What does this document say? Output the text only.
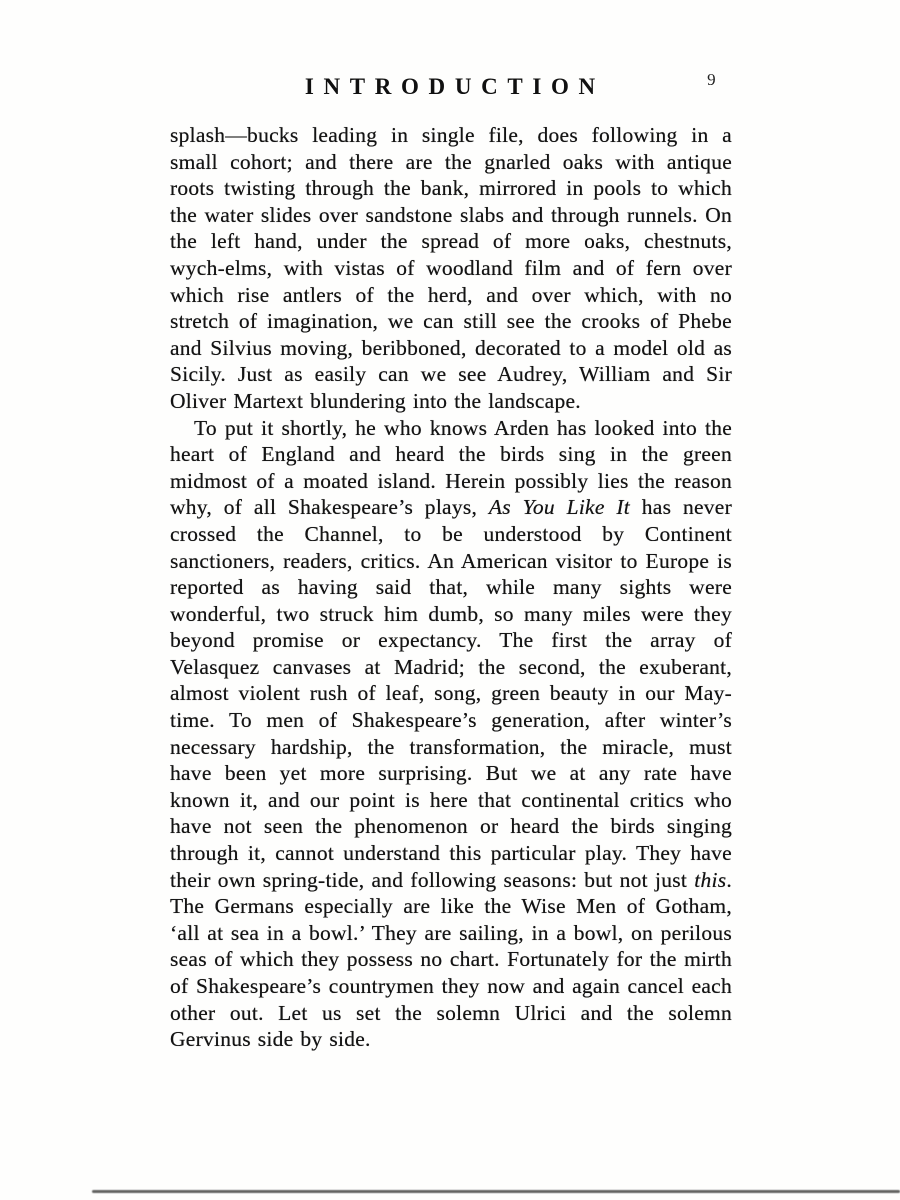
INTRODUCTION	9

splash—bucks leading in single file, does following in a small cohort; and there are the gnarled oaks with antique roots twisting through the bank, mirrored in pools to which the water slides over sandstone slabs and through runnels. On the left hand, under the spread of more oaks, chestnuts, wych-elms, with vistas of woodland film and of fern over which rise antlers of the herd, and over which, with no stretch of imagination, we can still see the crooks of Phebe and Silvius moving, beribboned, decorated to a model old as Sicily. Just as easily can we see Audrey, William and Sir Oliver Martext blundering into the landscape.

To put it shortly, he who knows Arden has looked into the heart of England and heard the birds sing in the green midmost of a moated island. Herein possibly lies the reason why, of all Shakespeare’s plays, As You Like It has never crossed the Channel, to be understood by Continent sanctioners, readers, critics. An American visitor to Europe is reported as having said that, while many sights were wonderful, two struck him dumb, so many miles were they beyond promise or expectancy. The first the array of Velasquez canvases at Madrid; the second, the exuberant, almost violent rush of leaf, song, green beauty in our May-time. To men of Shakespeare’s generation, after winter’s necessary hardship, the transformation, the miracle, must have been yet more surprising. But we at any rate have known it, and our point is here that continental critics who have not seen the phenomenon or heard the birds singing through it, cannot understand this particular play. They have their own spring-tide, and following seasons: but not just this. The Germans especially are like the Wise Men of Gotham, ‘all at sea in a bowl.’ They are sailing, in a bowl, on perilous seas of which they possess no chart. Fortunately for the mirth of Shakespeare’s countrymen they now and again cancel each other out. Let us set the solemn Ulrici and the solemn Gervinus side by side.
